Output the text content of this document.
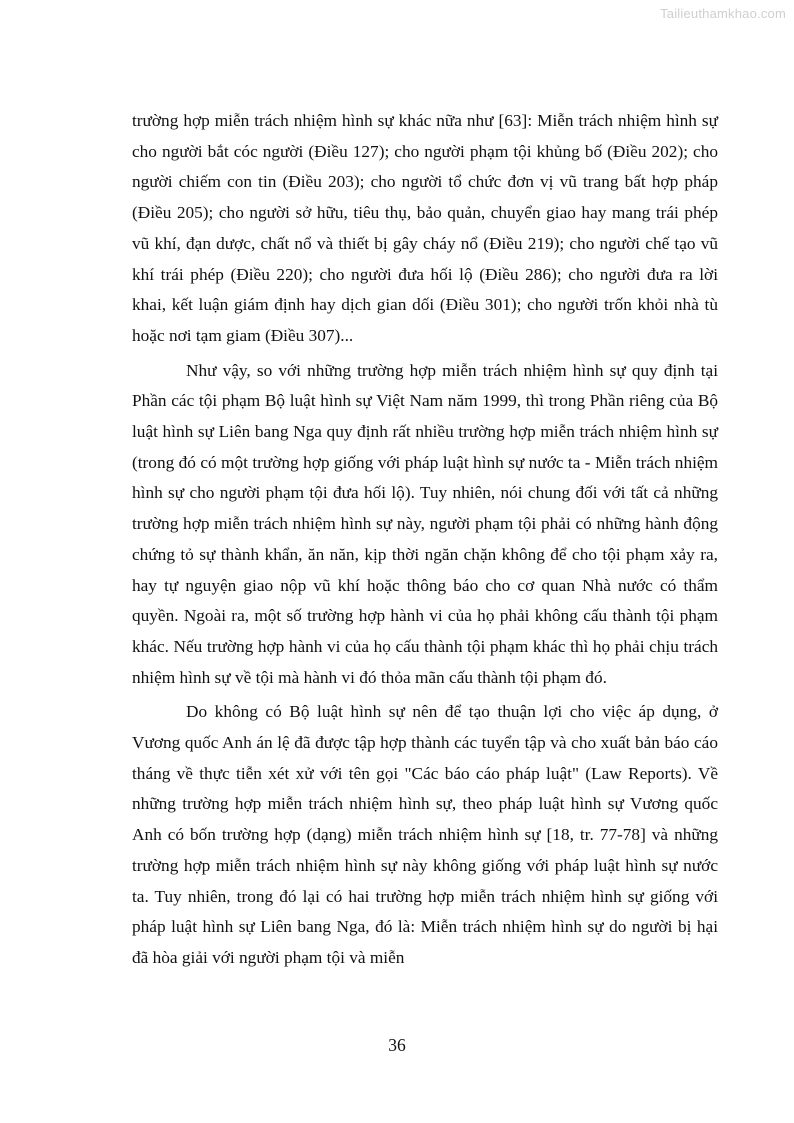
Tailieuthamkhao.com

trường hợp miễn trách nhiệm hình sự khác nữa như [63]: Miễn trách nhiệm hình sự cho người bắt cóc người (Điều 127); cho người phạm tội khủng bố (Điều 202); cho người chiếm con tin (Điều 203); cho người tổ chức đơn vị vũ trang bất hợp pháp (Điều 205); cho người sở hữu, tiêu thụ, bảo quản, chuyển giao hay mang trái phép vũ khí, đạn dược, chất nổ và thiết bị gây cháy nổ (Điều 219); cho người chế tạo vũ khí trái phép (Điều 220); cho người đưa hối lộ (Điều 286); cho người đưa ra lời khai, kết luận giám định hay dịch gian dối (Điều 301); cho người trốn khỏi nhà tù hoặc nơi tạm giam (Điều 307)...

Như vậy, so với những trường hợp miễn trách nhiệm hình sự quy định tại Phần các tội phạm Bộ luật hình sự Việt Nam năm 1999, thì trong Phần riêng của Bộ luật hình sự Liên bang Nga quy định rất nhiều trường hợp miễn trách nhiệm hình sự (trong đó có một trường hợp giống với pháp luật hình sự nước ta - Miễn trách nhiệm hình sự cho người phạm tội đưa hối lộ). Tuy nhiên, nói chung đối với tất cả những trường hợp miễn trách nhiệm hình sự này, người phạm tội phải có những hành động chứng tỏ sự thành khẩn, ăn năn, kịp thời ngăn chặn không để cho tội phạm xảy ra, hay tự nguyện giao nộp vũ khí hoặc thông báo cho cơ quan Nhà nước có thẩm quyền. Ngoài ra, một số trường hợp hành vi của họ phải không cấu thành tội phạm khác. Nếu trường hợp hành vi của họ cấu thành tội phạm khác thì họ phải chịu trách nhiệm hình sự về tội mà hành vi đó thỏa mãn cấu thành tội phạm đó.

Do không có Bộ luật hình sự nên để tạo thuận lợi cho việc áp dụng, ở Vương quốc Anh án lệ đã được tập hợp thành các tuyển tập và cho xuất bản báo cáo tháng về thực tiễn xét xử với tên gọi "Các báo cáo pháp luật" (Law Reports). Về những trường hợp miễn trách nhiệm hình sự, theo pháp luật hình sự Vương quốc Anh có bốn trường hợp (dạng) miễn trách nhiệm hình sự [18, tr. 77-78] và những trường hợp miễn trách nhiệm hình sự này không giống với pháp luật hình sự nước ta. Tuy nhiên, trong đó lại có hai trường hợp miễn trách nhiệm hình sự giống với pháp luật hình sự Liên bang Nga, đó là: Miễn trách nhiệm hình sự do người bị hại đã hòa giải với người phạm tội và miễn

36
